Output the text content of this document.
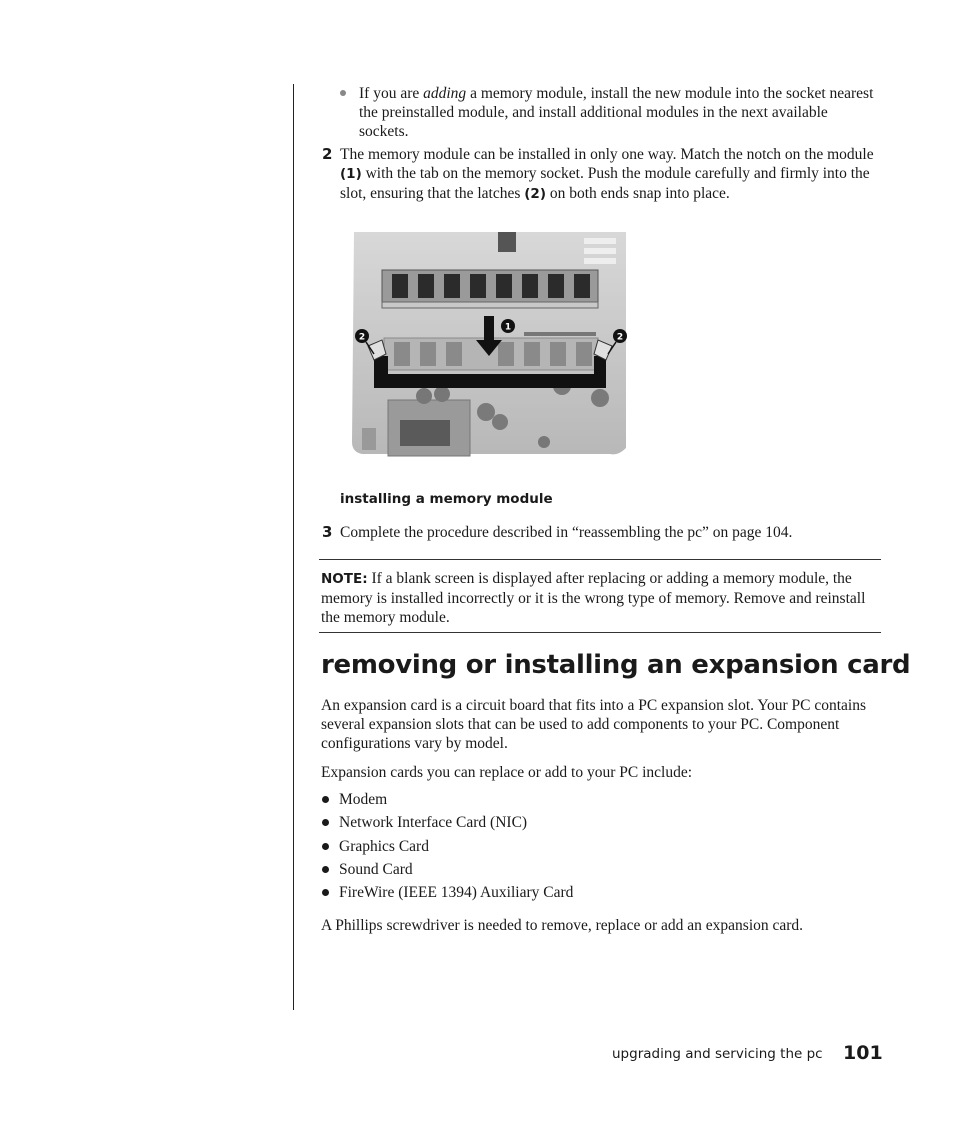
If you are adding a memory module, install the new module into the socket nearest the preinstalled module, and install additional modules in the next available sockets.
2 The memory module can be installed in only one way. Match the notch on the module (1) with the tab on the memory socket. Push the module carefully and firmly into the slot, ensuring that the latches (2) on both ends snap into place.
1
2	2
installing a memory module
3 Complete the procedure described in “reassembling the pc” on page 104.
NOTE: If a blank screen is displayed after replacing or adding a memory module, the memory is installed incorrectly or it is the wrong type of memory. Remove and reinstall the memory module.
removing or installing an expansion card
An expansion card is a circuit board that fits into a PC expansion slot. Your PC contains several expansion slots that can be used to add components to your PC. Component configurations vary by model.
Expansion cards you can replace or add to your PC include:
Modem
Network Interface Card (NIC)
Graphics Card
Sound Card
FireWire (IEEE 1394) Auxiliary Card
A Phillips screwdriver is needed to remove, replace or add an expansion card.
upgrading and servicing the pc 101
